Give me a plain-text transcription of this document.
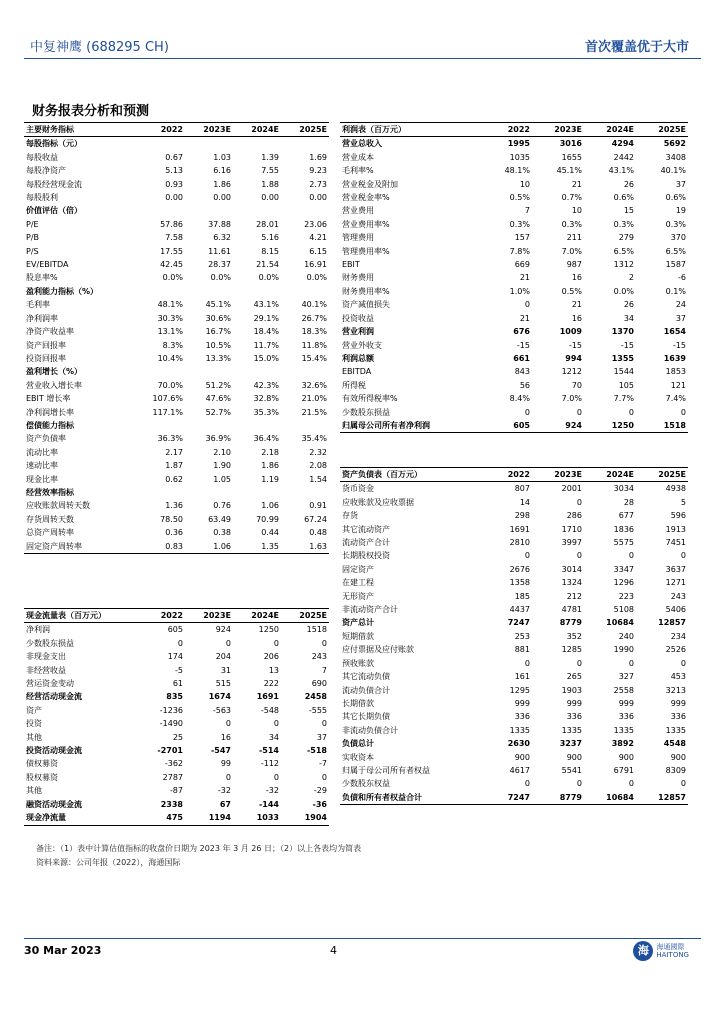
中复神鹰 (688295 CH)	首次覆盖优于大市
财务报表分析和预测
主要财务指标	2022	2023E	2024E	2025E
每股指标（元）				
每股收益	0.67	1.03	1.39	1.69
每股净资产	5.13	6.16	7.55	9.23
每股经营现金流	0.93	1.86	1.88	2.73
每股股利	0.00	0.00	0.00	0.00
价值评估（倍）				
P/E	57.86	37.88	28.01	23.06
P/B	7.58	6.32	5.16	4.21
P/S	17.55	11.61	8.15	6.15
EV/EBITDA	42.45	28.37	21.54	16.91
股息率%	0.0%	0.0%	0.0%	0.0%
盈利能力指标（%）				
毛利率	48.1%	45.1%	43.1%	40.1%
净利润率	30.3%	30.6%	29.1%	26.7%
净资产收益率	13.1%	16.7%	18.4%	18.3%
资产回报率	8.3%	10.5%	11.7%	11.8%
投资回报率	10.4%	13.3%	15.0%	15.4%
盈利增长（%）				
营业收入增长率	70.0%	51.2%	42.3%	32.6%
EBIT 增长率	107.6%	47.6%	32.8%	21.0%
净利润增长率	117.1%	52.7%	35.3%	21.5%
偿债能力指标				
资产负债率	36.3%	36.9%	36.4%	35.4%
流动比率	2.17	2.10	2.18	2.32
速动比率	1.87	1.90	1.86	2.08
现金比率	0.62	1.05	1.19	1.54
经营效率指标				
应收账款周转天数	1.36	0.76	1.06	0.91
存货周转天数	78.50	63.49	70.99	67.24
总资产周转率	0.36	0.38	0.44	0.48
固定资产周转率	0.83	1.06	1.35	1.63
利润表（百万元）	2022	2023E	2024E	2025E
营业总收入	1995	3016	4294	5692
营业成本	1035	1655	2442	3408
毛利率%	48.1%	45.1%	43.1%	40.1%
营业税金及附加	10	21	26	37
营业税金率%	0.5%	0.7%	0.6%	0.6%
营业费用	7	10	15	19
营业费用率%	0.3%	0.3%	0.3%	0.3%
管理费用	157	211	279	370
管理费用率%	7.8%	7.0%	6.5%	6.5%
EBIT	669	987	1312	1587
财务费用	21	16	2	-6
财务费用率%	1.0%	0.5%	0.0%	0.1%
资产减值损失	0	21	26	24
投资收益	21	16	34	37
营业利润	676	1009	1370	1654
营业外收支	-15	-15	-15	-15
利润总额	661	994	1355	1639
EBITDA	843	1212	1544	1853
所得税	56	70	105	121
有效所得税率%	8.4%	7.0%	7.7%	7.4%
少数股东损益	0	0	0	0
归属母公司所有者净利润	605	924	1250	1518
资产负债表（百万元）	2022	2023E	2024E	2025E
货币资金	807	2001	3034	4938
应收账款及应收票据	14	0	28	5
存货	298	286	677	596
其它流动资产	1691	1710	1836	1913
流动资产合计	2810	3997	5575	7451
长期股权投资	0	0	0	0
固定资产	2676	3014	3347	3637
在建工程	1358	1324	1296	1271
无形资产	185	212	223	243
非流动资产合计	4437	4781	5108	5406
资产总计	7247	8779	10684	12857
短期借款	253	352	240	234
应付票据及应付账款	881	1285	1990	2526
预收账款	0	0	0	0
其它流动负债	161	265	327	453
流动负债合计	1295	1903	2558	3213
长期借款	999	999	999	999
其它长期负债	336	336	336	336
非流动负债合计	1335	1335	1335	1335
负债总计	2630	3237	3892	4548
实收资本	900	900	900	900
归属于母公司所有者权益	4617	5541	6791	8309
少数股东权益	0	0	0	0
负债和所有者权益合计	7247	8779	10684	12857
现金流量表（百万元）	2022	2023E	2024E	2025E
净利润	605	924	1250	1518
少数股东损益	0	0	0	0
非现金支出	174	204	206	243
非经营收益	-5	31	13	7
营运资金变动	61	515	222	690
经营活动现金流	835	1674	1691	2458
资产	-1236	-563	-548	-555
投资	-1490	0	0	0
其他	25	16	34	37
投资活动现金流	-2701	-547	-514	-518
债权募资	-362	99	-112	-7
股权募资	2787	0	0	0
其他	-87	-32	-32	-29
融资活动现金流	2338	67	-144	-36
现金净流量	475	1194	1033	1904
备注：（1）表中计算估值指标的收盘价日期为 2023 年 3 月 26 日；（2）以上各表均为简表
资料来源：公司年报（2022），海通国际
30 Mar 2023	4	海	海通國際
HAITONG
